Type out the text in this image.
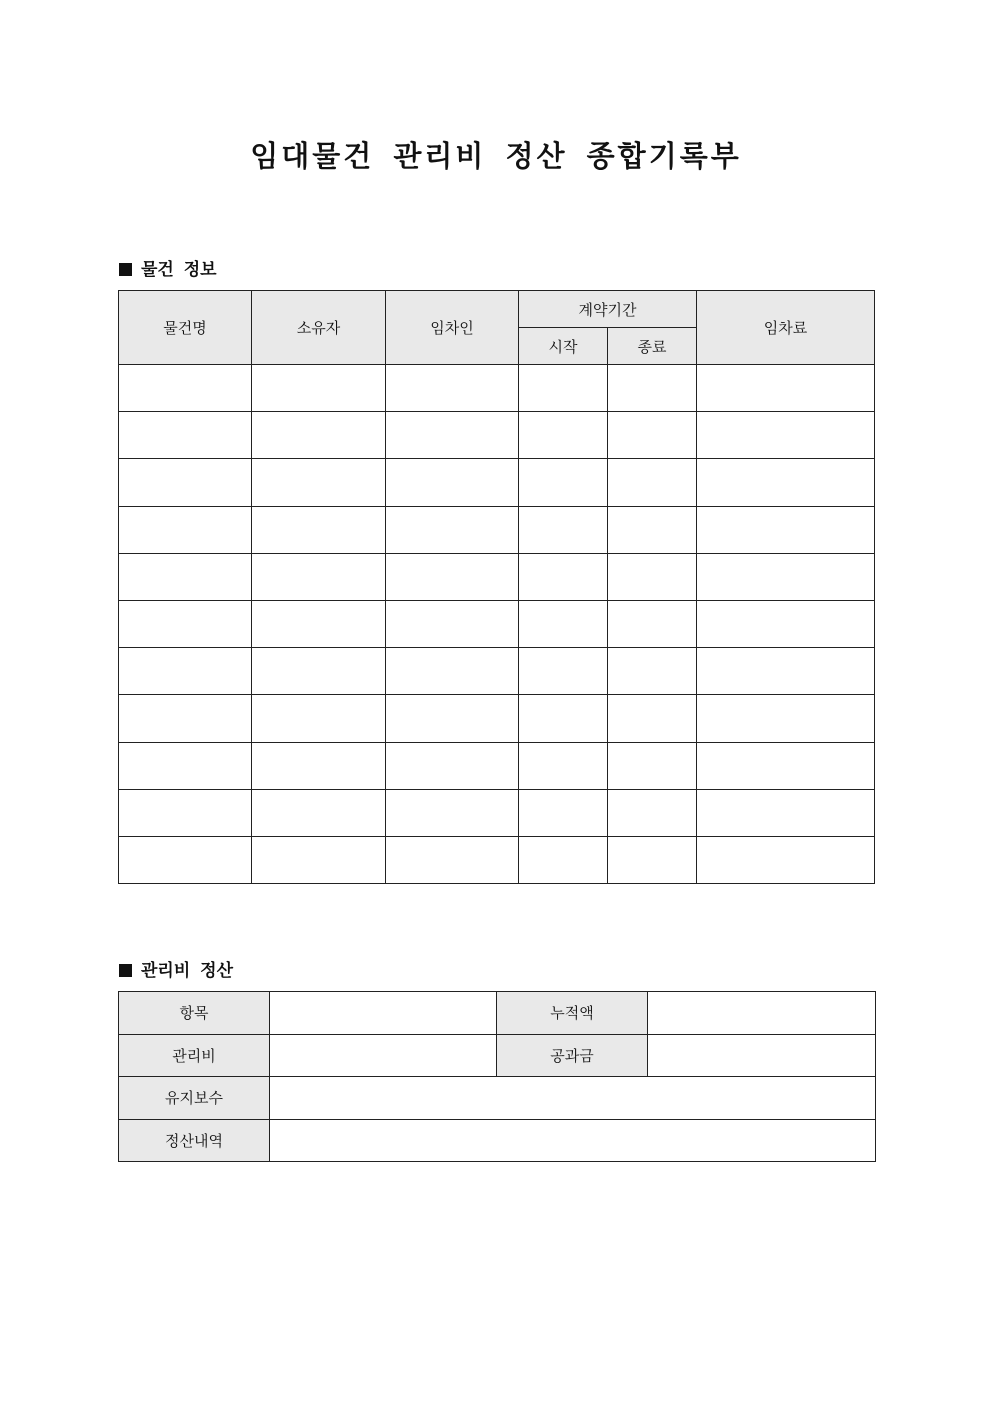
임대물건 관리비 정산 종합기록부
물건 정보
물건명	소유자	임차인	계약기간		임차료
			시작	종료	

관리비 정산
항목		누적액	
관리비		공과금	
유지보수			
정산내역			
